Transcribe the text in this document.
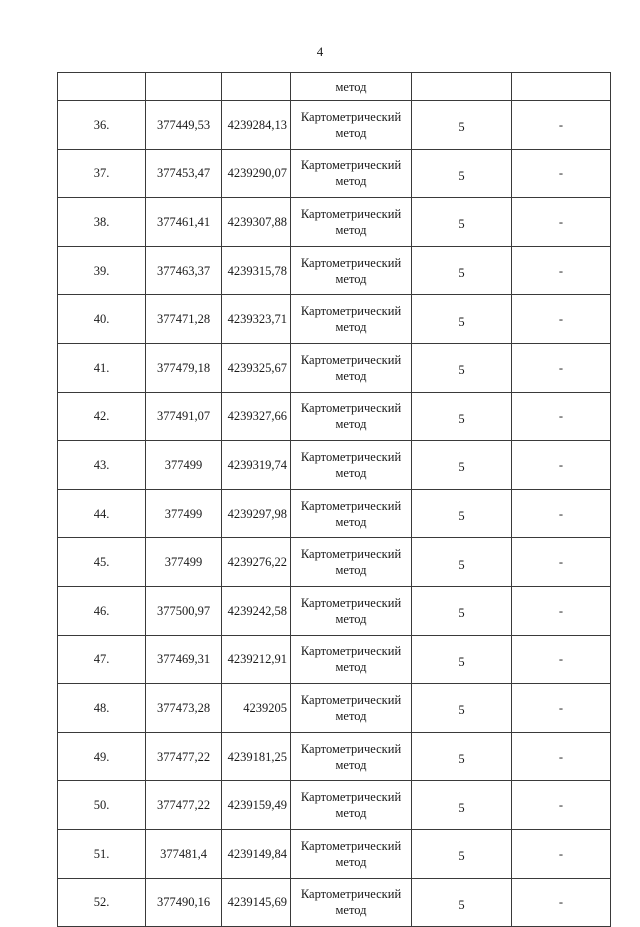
4
			метод		
36.	377449,53	4239284,13	Картометрический
метод	5	-
37.	377453,47	4239290,07	Картометрический
метод	5	-
38.	377461,41	4239307,88	Картометрический
метод	5	-
39.	377463,37	4239315,78	Картометрический
метод	5	-
40.	377471,28	4239323,71	Картометрический
метод	5	-
41.	377479,18	4239325,67	Картометрический
метод	5	-
42.	377491,07	4239327,66	Картометрический
метод	5	-
43.	377499	4239319,74	Картометрический
метод	5	-
44.	377499	4239297,98	Картометрический
метод	5	-
45.	377499	4239276,22	Картометрический
метод	5	-
46.	377500,97	4239242,58	Картометрический
метод	5	-
47.	377469,31	4239212,91	Картометрический
метод	5	-
48.	377473,28	4239205	Картометрический
метод	5	-
49.	377477,22	4239181,25	Картометрический
метод	5	-
50.	377477,22	4239159,49	Картометрический
метод	5	-
51.	377481,4	4239149,84	Картометрический
метод	5	-
52.	377490,16	4239145,69	Картометрический
метод	5	-
